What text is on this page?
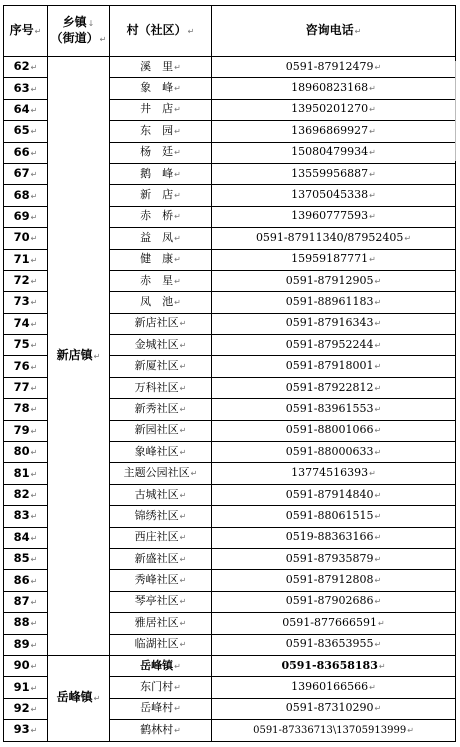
序号↵	乡镇↓
（街道）↵	村（社区）↵	咨询电话↵
62↵	新店镇↵	溪　里↵	0591-87912479↵
63↵		象　峰↵	18960823168↵
64↵		井　店↵	13950201270↵
65↵		东　园↵	13696869927↵
66↵		杨　廷↵	15080479934↵
67↵		鹅　峰↵	13559956887↵
68↵		新　店↵	13705045338↵
69↵		赤　桥↵	13960777593↵
70↵		益　凤↵	0591-87911340/87952405↵
71↵		健　康↵	15959187771↵
72↵		赤　星↵	0591-87912905↵
73↵		凤　池↵	0591-88961183↵
74↵		新店社区↵	0591-87916343↵
75↵		金城社区↵	0591-87952244↵
76↵		新厦社区↵	0591-87918001↵
77↵		万科社区↵	0591-87922812↵
78↵		新秀社区↵	0591-83961553↵
79↵		新园社区↵	0591-88001066↵
80↵		象峰社区↵	0591-88000633↵
81↵		主题公园社区↵	13774516393↵
82↵		古城社区↵	0591-87914840↵
83↵		锦绣社区↵	0591-88061515↵
84↵		西庄社区↵	0519-88363166↵
85↵		新盛社区↵	0591-87935879↵
86↵		秀峰社区↵	0591-87912808↵
87↵		琴亭社区↵	0591-87902686↵
88↵		雅居社区↵	0591-877666591↵
89↵		临湖社区↵	0591-83653955↵
90↵	岳峰镇↵	岳峰镇↵	0591-83658183↵
91↵		东门村↵	13960166566↵
92↵		岳峰村↵	0591-87310290↵
93↵		鹤林村↵	0591-87336713\13705913999↵
